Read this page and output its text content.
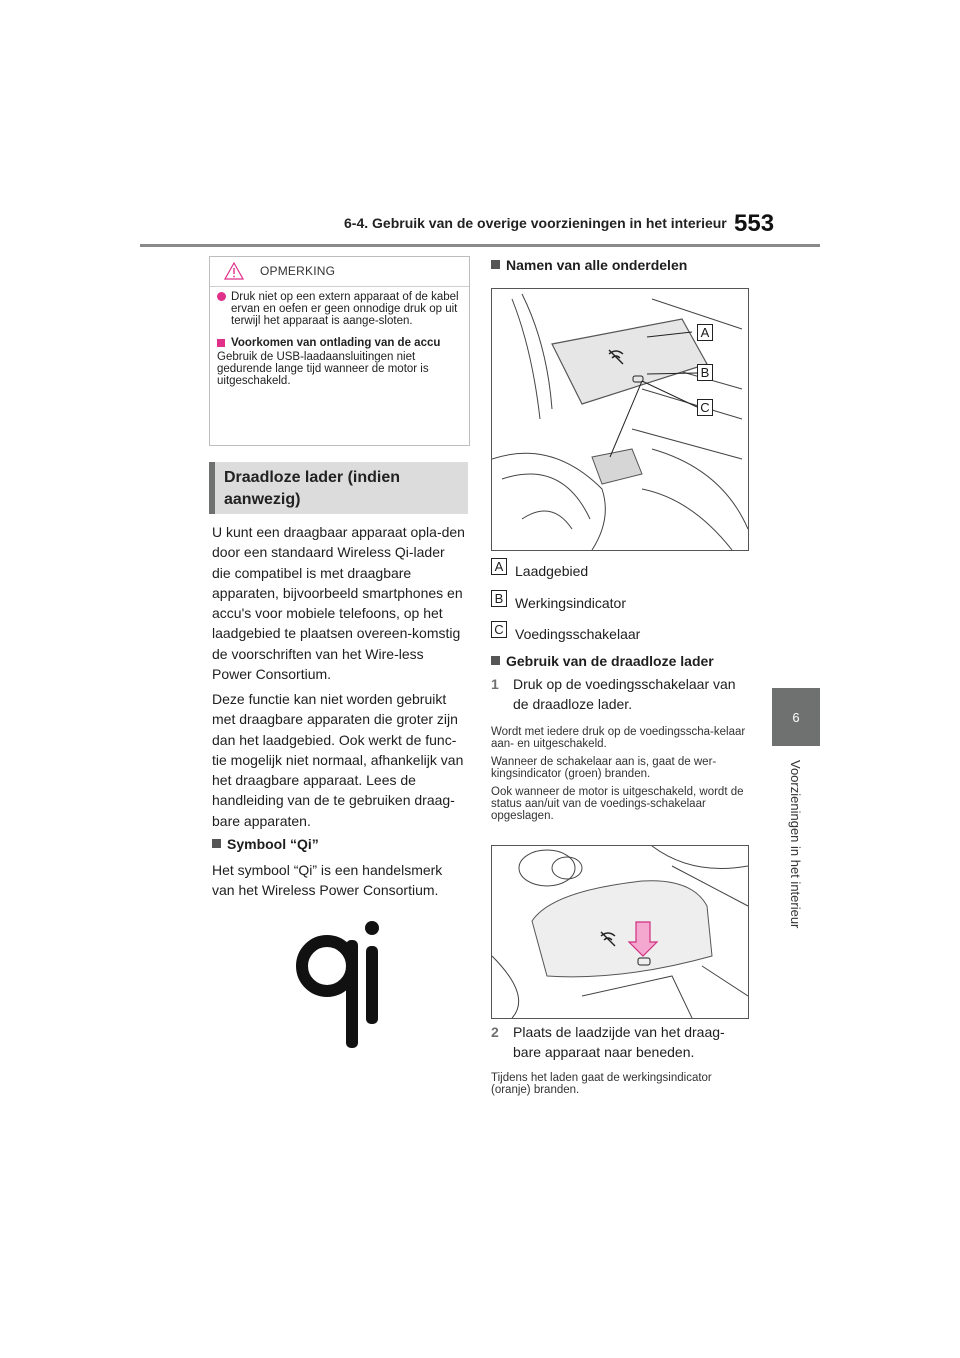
6-4. Gebruik van de overige voorzieningen in het interieur 553
6
Voorzieningen in het interieur
OPMERKING
Druk niet op een extern apparaat of de kabel ervan en oefen er geen onnodige druk op uit terwijl het apparaat is aange-sloten.
Voorkomen van ontlading van de accu
Gebruik de USB-laadaansluitingen niet gedurende lange tijd wanneer de motor is uitgeschakeld.
Draadloze lader (indien aanwezig)
U kunt een draagbaar apparaat opla-den door een standaard Wireless Qi-lader die compatibel is met draagbare apparaten, bijvoorbeeld smartphones en accu's voor mobiele telefoons, op het laadgebied te plaatsen overeen-komstig de voorschriften van het Wire-less Power Consortium.
Deze functie kan niet worden gebruikt met draagbare apparaten die groter zijn dan het laadgebied. Ook werkt de func-tie mogelijk niet normaal, afhankelijk van het draagbare apparaat. Lees de handleiding van de te gebruiken draag-bare apparaten.
Symbool “Qi”
Het symbool “Qi” is een handelsmerk van het Wireless Power Consortium.
Namen van alle onderdelen
A
B
C
A Laadgebied
B Werkingsindicator
C Voedingsschakelaar
Gebruik van de draadloze lader
1 Druk op de voedingsschakelaar van de draadloze lader.
Wordt met iedere druk op de voedingsscha-kelaar aan- en uitgeschakeld.
Wanneer de schakelaar aan is, gaat de wer-kingsindicator (groen) branden.
Ook wanneer de motor is uitgeschakeld, wordt de status aan/uit van de voedings-schakelaar opgeslagen.
2 Plaats de laadzijde van het draag-bare apparaat naar beneden.
Tijdens het laden gaat de werkingsindicator (oranje) branden.
